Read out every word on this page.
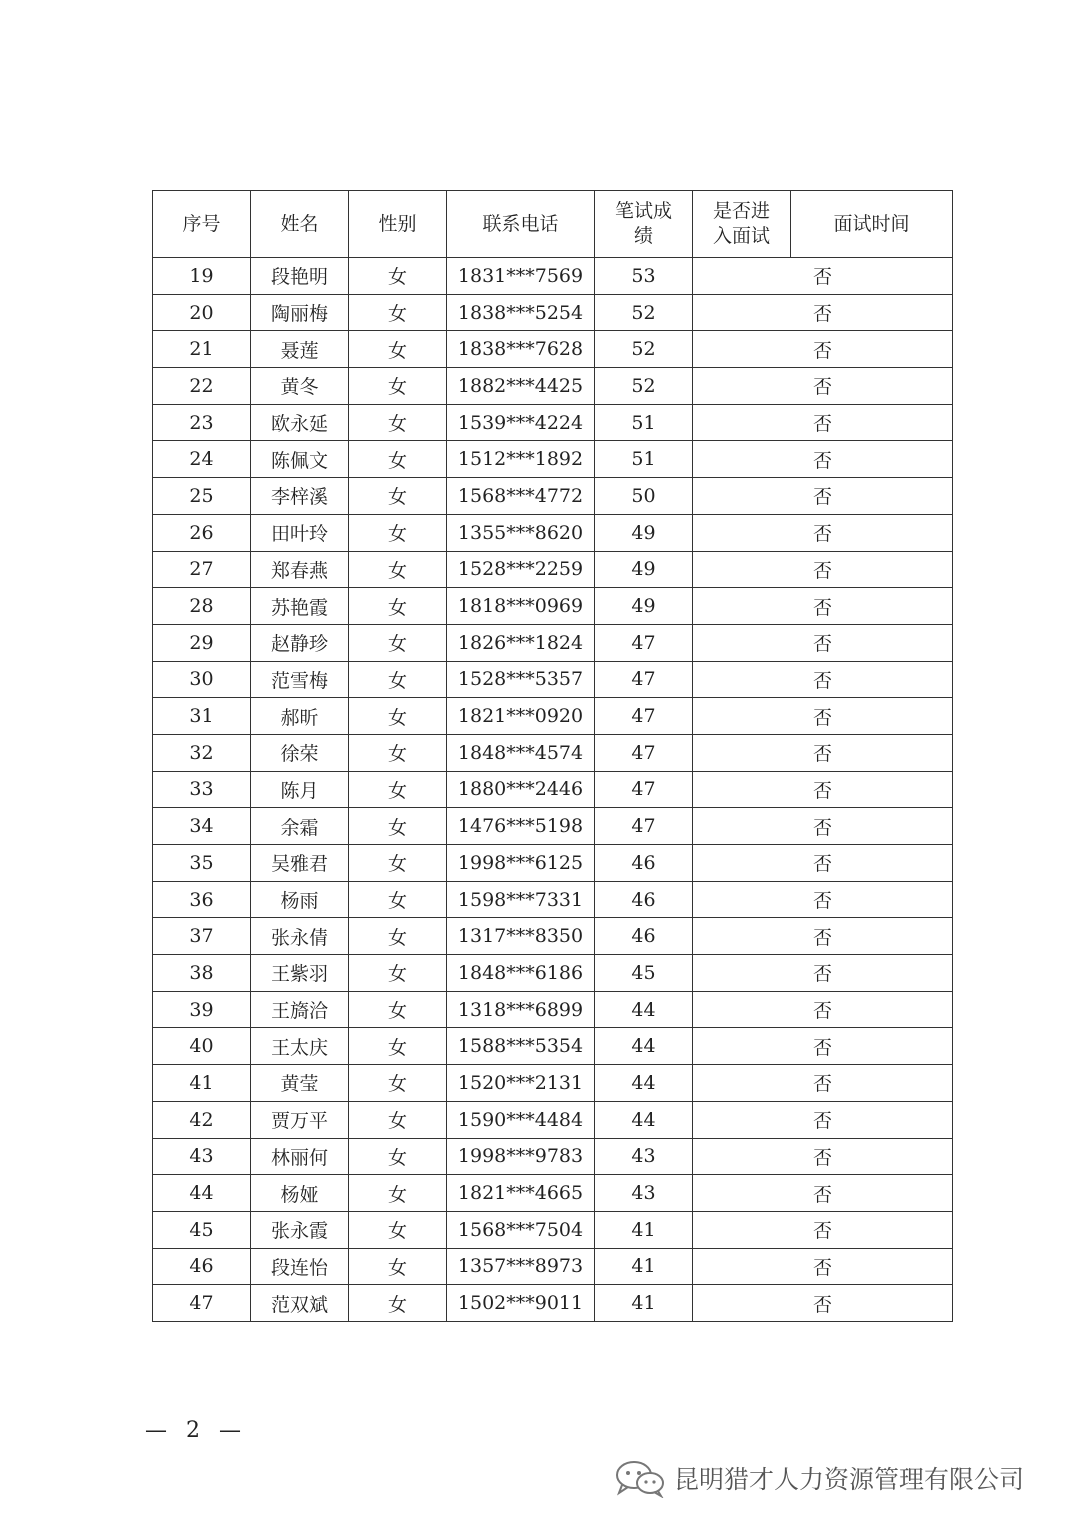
序号	姓名	性别	联系电话	笔试成绩	是否进入面试	面试时间
19	段艳明	女	1831***7569	53	否	
20	陶丽梅	女	1838***5254	52	否	
21	聂莲	女	1838***7628	52	否	
22	黄冬	女	1882***4425	52	否	
23	欧永延	女	1539***4224	51	否	
24	陈佩文	女	1512***1892	51	否	
25	李梓溪	女	1568***4772	50	否	
26	田叶玲	女	1355***8620	49	否	
27	郑春燕	女	1528***2259	49	否	
28	苏艳霞	女	1818***0969	49	否	
29	赵静珍	女	1826***1824	47	否	
30	范雪梅	女	1528***5357	47	否	
31	郝昕	女	1821***0920	47	否	
32	徐荣	女	1848***4574	47	否	
33	陈月	女	1880***2446	47	否	
34	余霜	女	1476***5198	47	否	
35	吴雅君	女	1998***6125	46	否	
36	杨雨	女	1598***7331	46	否	
37	张永倩	女	1317***8350	46	否	
38	王紫羽	女	1848***6186	45	否	
39	王旖洽	女	1318***6899	44	否	
40	王太庆	女	1588***5354	44	否	
41	黄莹	女	1520***2131	44	否	
42	贾万平	女	1590***4484	44	否	
43	林丽何	女	1998***9783	43	否	
44	杨娅	女	1821***4665	43	否	
45	张永霞	女	1568***7504	41	否	
46	段连怡	女	1357***8973	41	否	
47	范双斌	女	1502***9011	41	否	
— 2 —
昆明猎才人力资源管理有限公司
